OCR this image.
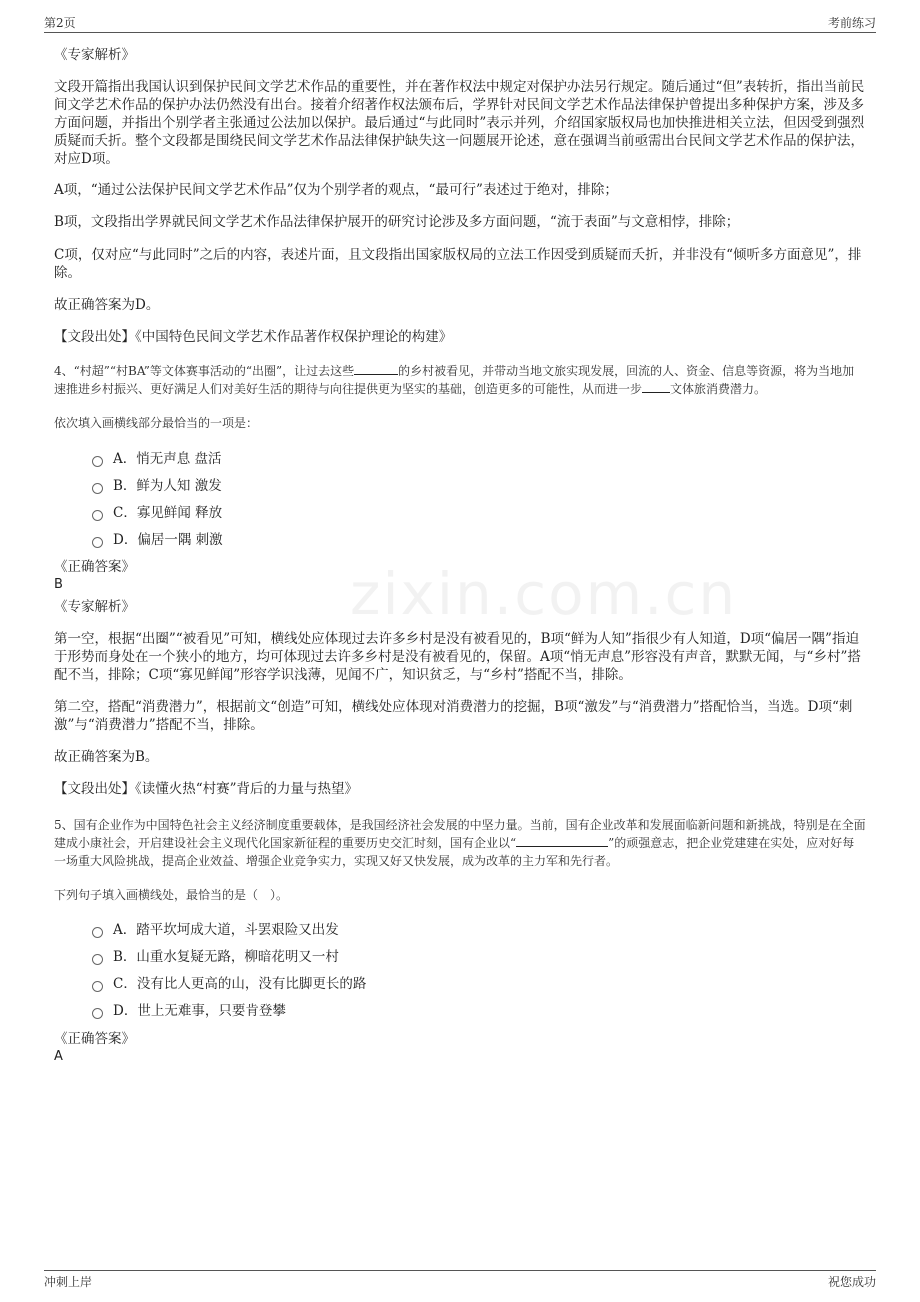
第2页	考前练习
zixin.com.cn
《专家解析》
文段开篇指出我国认识到保护民间文学艺术作品的重要性，并在著作权法中规定对保护办法另行规定。随后通过“但”表转折，指出当前民间文学艺术作品的保护办法仍然没有出台。接着介绍著作权法颁布后，学界针对民间文学艺术作品法律保护曾提出多种保护方案，涉及多方面问题，并指出个别学者主张通过公法加以保护。最后通过“与此同时”表示并列，介绍国家版权局也加快推进相关立法，但因受到强烈质疑而夭折。整个文段都是围绕民间文学艺术作品法律保护缺失这一问题展开论述，意在强调当前亟需出台民间文学艺术作品的保护法，对应D项。
A项，“通过公法保护民间文学艺术作品”仅为个别学者的观点，“最可行”表述过于绝对，排除；
B项，文段指出学界就民间文学艺术作品法律保护展开的研究讨论涉及多方面问题，“流于表面”与文意相悖，排除；
C项，仅对应“与此同时”之后的内容，表述片面，且文段指出国家版权局的立法工作因受到质疑而夭折，并非没有“倾听多方面意见”，排除。
故正确答案为D。
【文段出处】《中国特色民间文学艺术作品著作权保护理论的构建》
4、“村超”“村BA”等文体赛事活动的“出圈”，让过去这些	的乡村被看见，并带动当地文旅实现发展，回流的人、资金、信息等资源，将为当地加速推进乡村振兴、更好满足人们对美好生活的期待与向往提供更为坚实的基础，创造更多的可能性，从而进一步 文体旅消费潜力。
依次填入画横线部分最恰当的一项是：
A．悄无声息 盘活
B．鲜为人知 激发
C．寡见鲜闻 释放
D．偏居一隅 刺激
《正确答案》
B
《专家解析》
第一空，根据“出圈”“被看见”可知，横线处应体现过去许多乡村是没有被看见的，B项“鲜为人知”指很少有人知道，D项“偏居一隅”指迫于形势而身处在一个狭小的地方，均可体现过去许多乡村是没有被看见的，保留。A项“悄无声息”形容没有声音，默默无闻，与“乡村”搭配不当，排除；C项“寡见鲜闻”形容学识浅薄，见闻不广，知识贫乏，与“乡村”搭配不当，排除。
第二空，搭配“消费潜力”，根据前文“创造”可知，横线处应体现对消费潜力的挖掘，B项“激发”与“消费潜力”搭配恰当，当选。D项“刺激”与“消费潜力”搭配不当，排除。
故正确答案为B。
【文段出处】《读懂火热“村赛”背后的力量与热望》
5、国有企业作为中国特色社会主义经济制度重要载体，是我国经济社会发展的中坚力量。当前，国有企业改革和发展面临新问题和新挑战，特别是在全面建成小康社会，开启建设社会主义现代化国家新征程的重要历史交汇时刻，国有企业以“	”的顽强意志，把企业党建建在实处，应对好每一场重大风险挑战，提高企业效益、增强企业竞争实力，实现又好又快发展，成为改革的主力军和先行者。
下列句子填入画横线处，最恰当的是（　）。
A．踏平坎坷成大道，斗罢艰险又出发
B．山重水复疑无路，柳暗花明又一村
C．没有比人更高的山，没有比脚更长的路
D．世上无难事，只要肯登攀
《正确答案》
A
冲刺上岸	祝您成功
